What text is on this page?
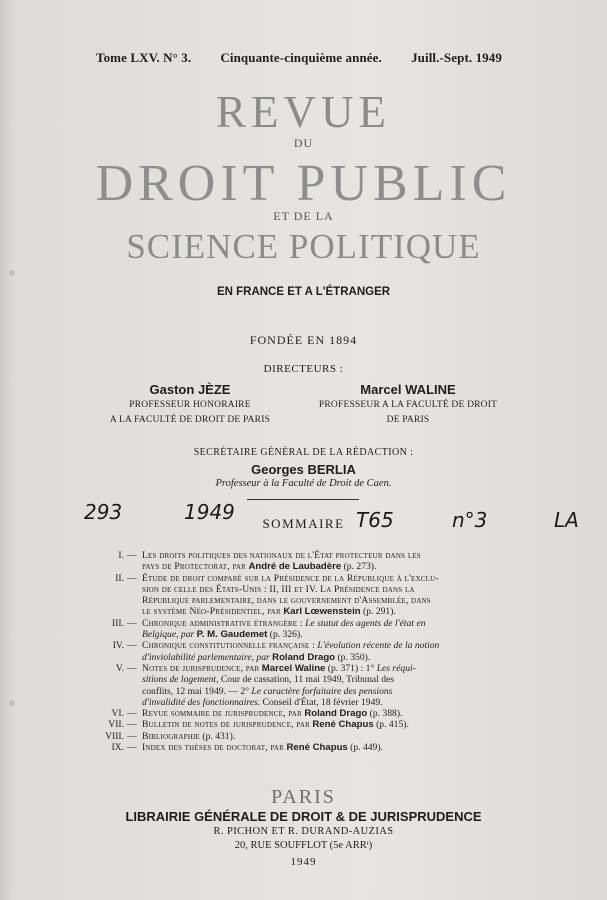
Tome LXV. N° 3. Cinquante-cinquième année. Juill.-Sept. 1949
REVUE
DU
DROIT PUBLIC
ET DE LA
SCIENCE POLITIQUE
EN FRANCE ET A L'ÉTRANGER
FONDÉE EN 1894
DIRECTEURS :
Gaston JÈZE
PROFESSEUR HONORAIRE
A LA FACULTÉ DE DROIT DE PARIS
Marcel WALINE
PROFESSEUR A LA FACULTÉ DE DROIT
DE PARIS
SECRÉTAIRE GÉNÉRAL DE LA RÉDACTION :
Georges BERLIA
Professeur à la Faculté de Droit de Caen.
293	1949	T65	n°3	LA
SOMMAIRE
I. — Les droits politiques des nationaux de l'État protecteur dans les
pays de Protectorat, par André de Laubadère (p. 273).
II. — Étude de droit comparé sur la Présidence de la République à l'exclu-
sion de celle des États-Unis : II, III et IV. La Présidence dans la
République parlementaire, dans le gouvernement d'Assemblée, dans
le système Néo-Présidentiel, par Karl Lœwenstein (p. 291).
III. — Chronique administrative étrangère : Le statut des agents de l'état en
Belgique, par P. M. Gaudemet (p. 326).
IV. — Chronique constitutionnelle française : L'évolution récente de la notion
d'inviolabilité parlementaire, par Roland Drago (p. 350).
V. — Notes de jurisprudence, par Marcel Waline (p. 371) : 1° Les réqui-
sitions de logement, Cour de cassation, 11 mai 1949, Tribunal des
conflits, 12 mai 1949. — 2° Le caractère forfaitaire des pensions
d'invalidité des fonctionnaires. Conseil d'État, 18 février 1949.
VI. — Revue sommaire de jurisprudence, par Roland Drago (p. 388).
VII. — Bulletin de notes de jurisprudence, par René Chapus (p. 415).
VIII. — Bibliographie (p. 431).
IX. — Index des thèses de doctorat, par René Chapus (p. 449).
PARIS
LIBRAIRIE GÉNÉRALE DE DROIT & DE JURISPRUDENCE
R. PICHON ET R. DURAND-AUZIAS
20, RUE SOUFFLOT (5e ARRᵗ)
1949
